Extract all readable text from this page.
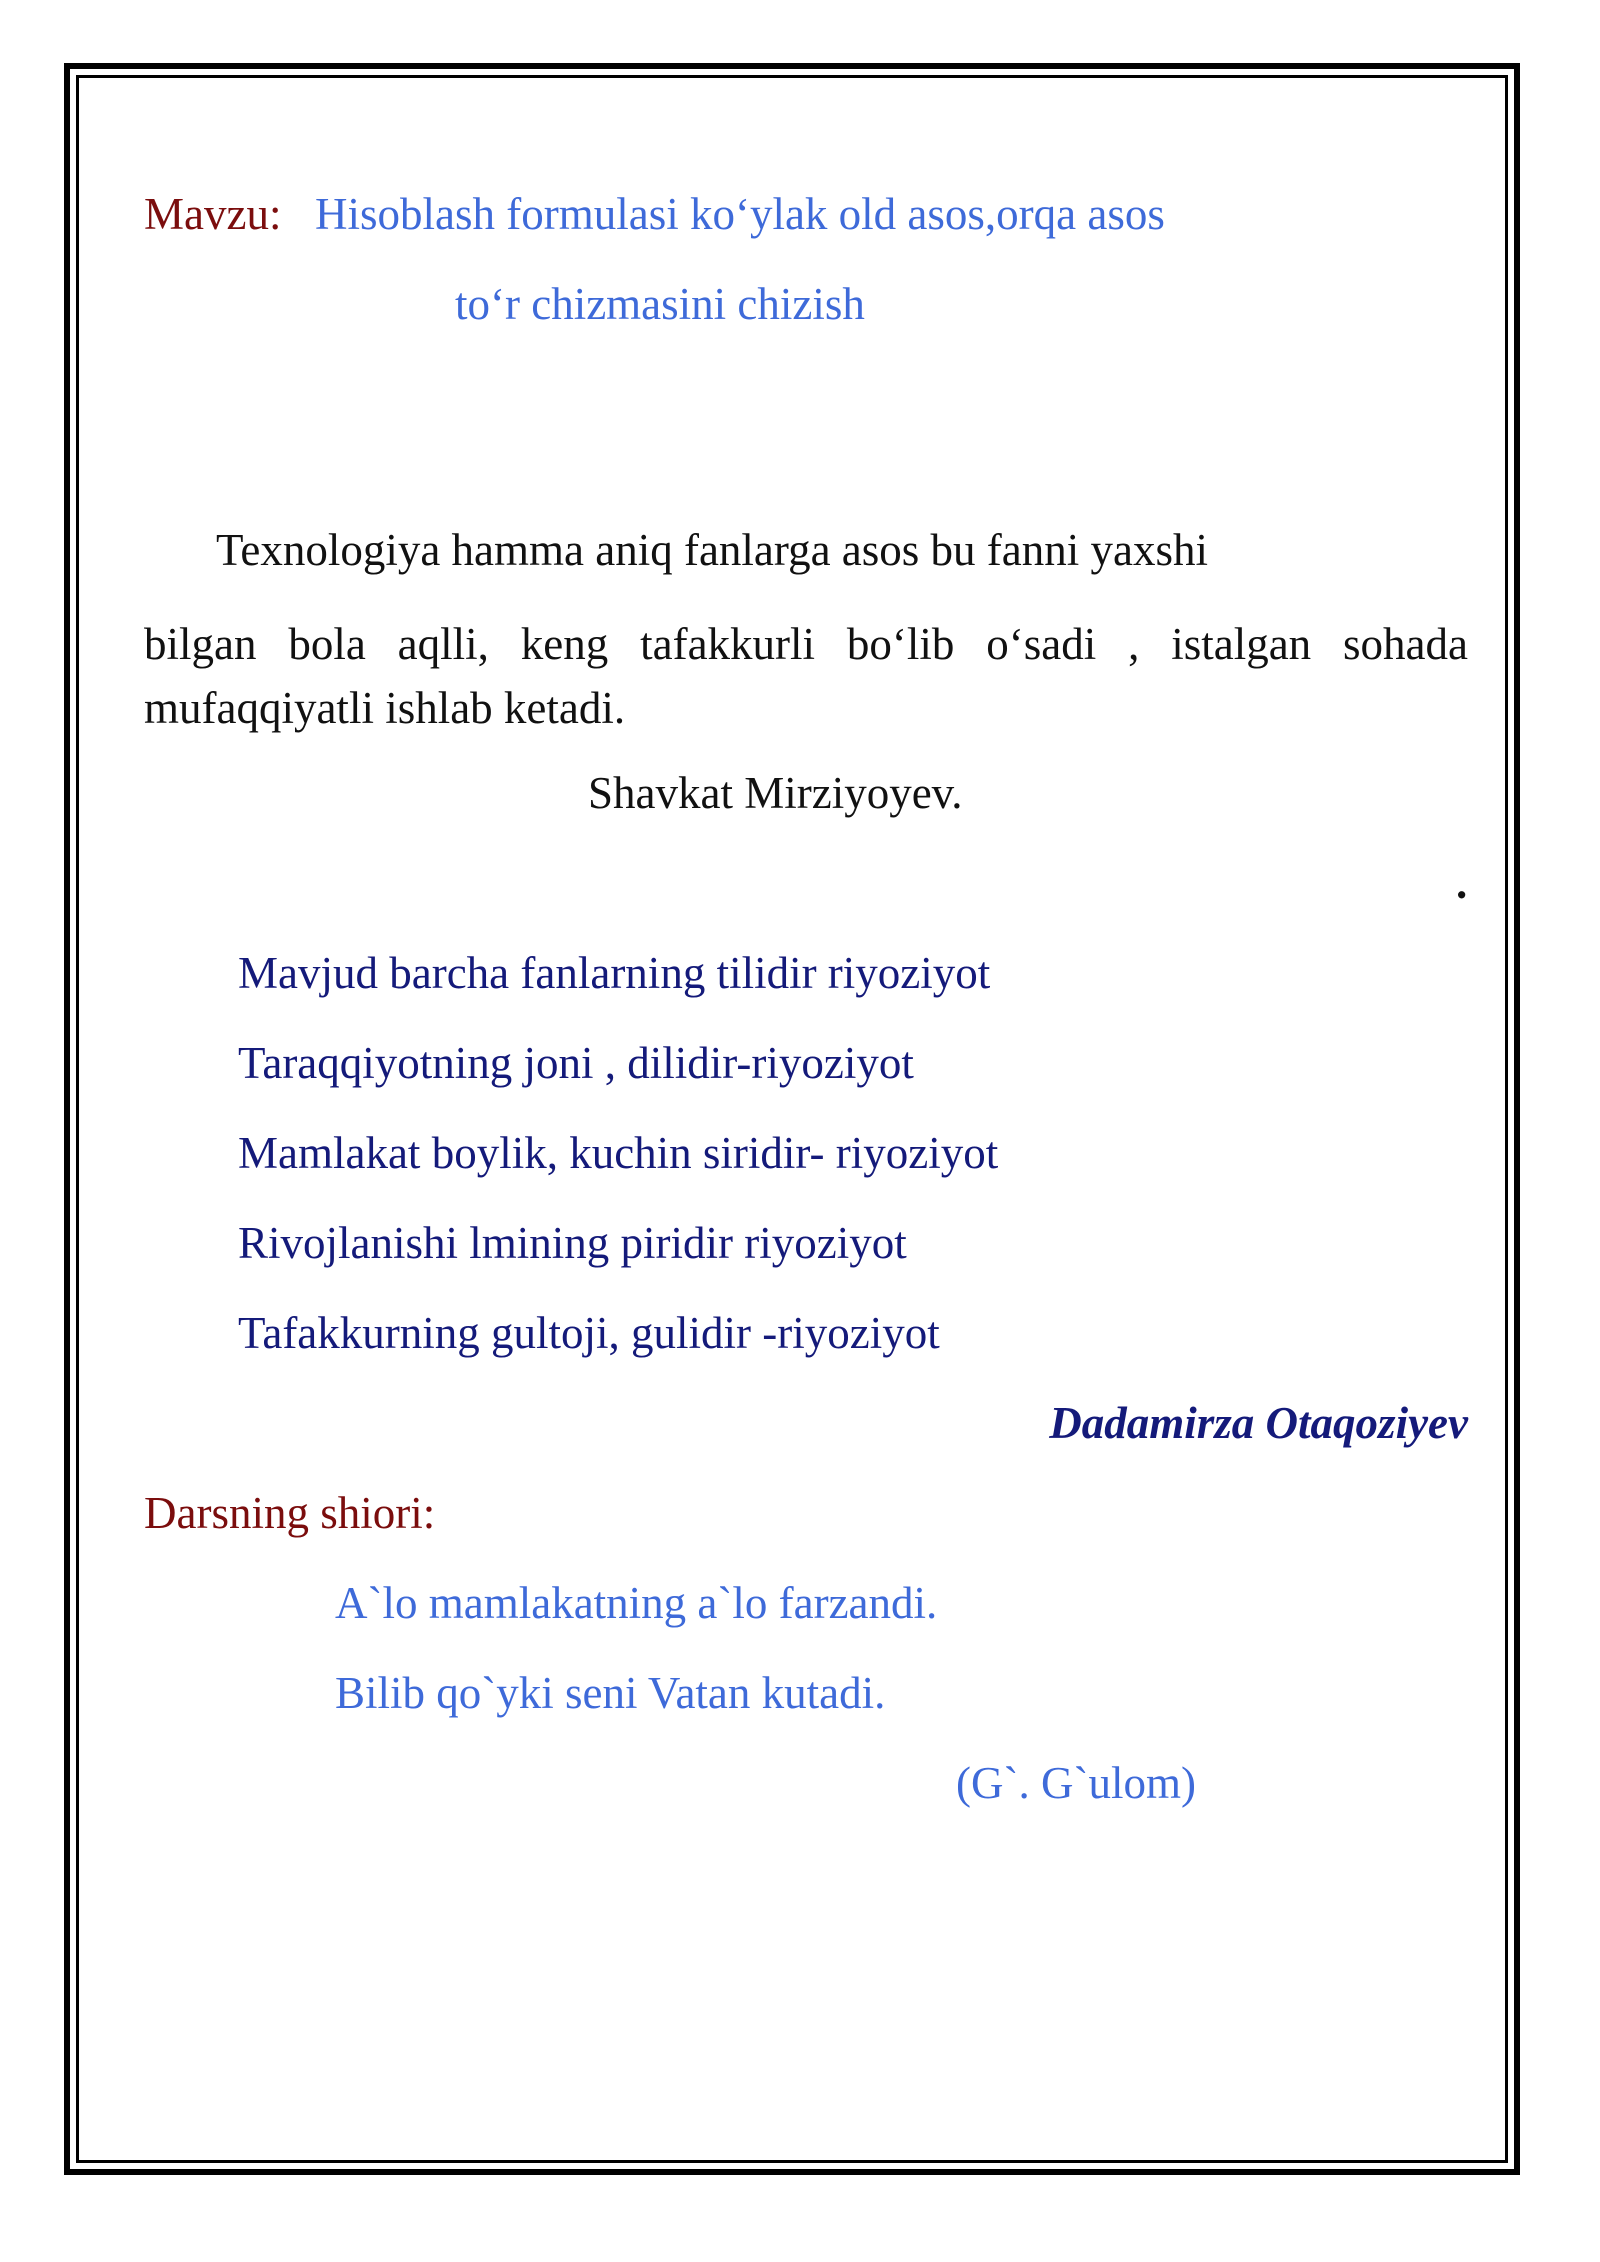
Mavzu: Hisoblash formulasi ko‘ylak old asos,orqa asos
to‘r chizmasini chizish
Texnologiya hamma aniq fanlarga asos bu fanni yaxshi
bilgan bola aqlli, keng tafakkurli bo‘lib o‘sadi , istalgan sohada mufaqqiyatli ishlab ketadi.
Shavkat Mirziyoyev.
.
Mavjud barcha fanlarning tilidir riyoziyot
Taraqqiyotning joni , dilidir-riyoziyot
Mamlakat boylik, kuchin siridir- riyoziyot
Rivojlanishi lmining piridir riyoziyot
Tafakkurning gultoji, gulidir -riyoziyot
Dadamirza Otaqoziyev
Darsning shiori:
A`lo mamlakatning a`lo farzandi.
Bilib qo`yki seni Vatan kutadi.
(G`. G`ulom)
